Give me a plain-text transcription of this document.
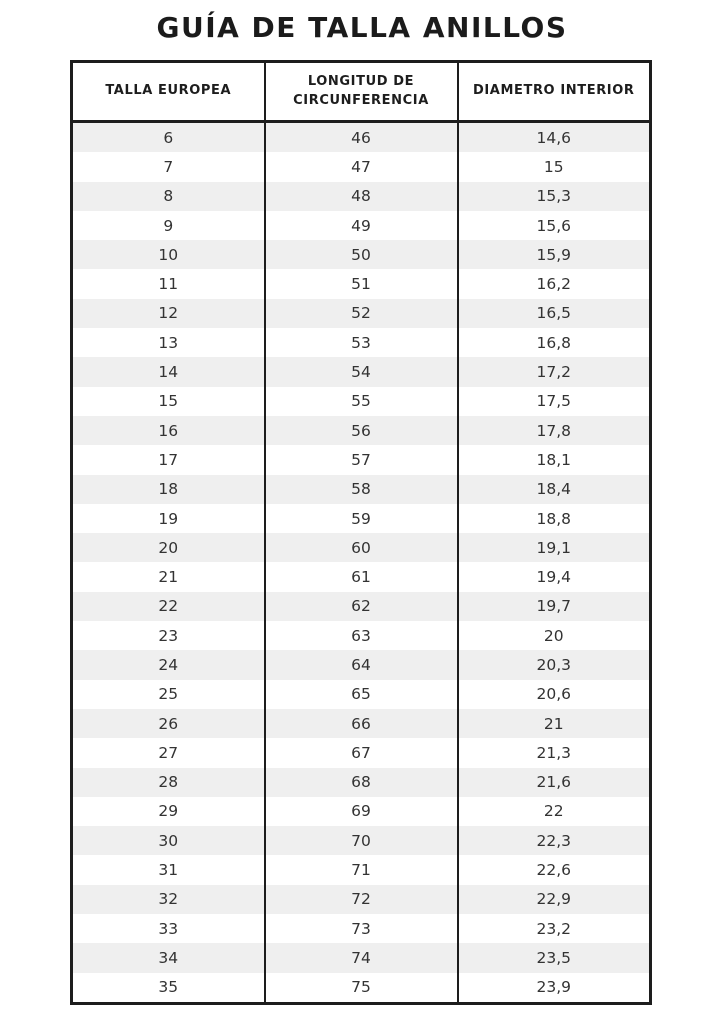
GUÍA DE TALLA ANILLOS
TALLA EUROPEA	LONGITUD DE CIRCUNFERENCIA	DIAMETRO INTERIOR
6	46	14,6
7	47	15
8	48	15,3
9	49	15,6
10	50	15,9
11	51	16,2
12	52	16,5
13	53	16,8
14	54	17,2
15	55	17,5
16	56	17,8
17	57	18,1
18	58	18,4
19	59	18,8
20	60	19,1
21	61	19,4
22	62	19,7
23	63	20
24	64	20,3
25	65	20,6
26	66	21
27	67	21,3
28	68	21,6
29	69	22
30	70	22,3
31	71	22,6
32	72	22,9
33	73	23,2
34	74	23,5
35	75	23,9
